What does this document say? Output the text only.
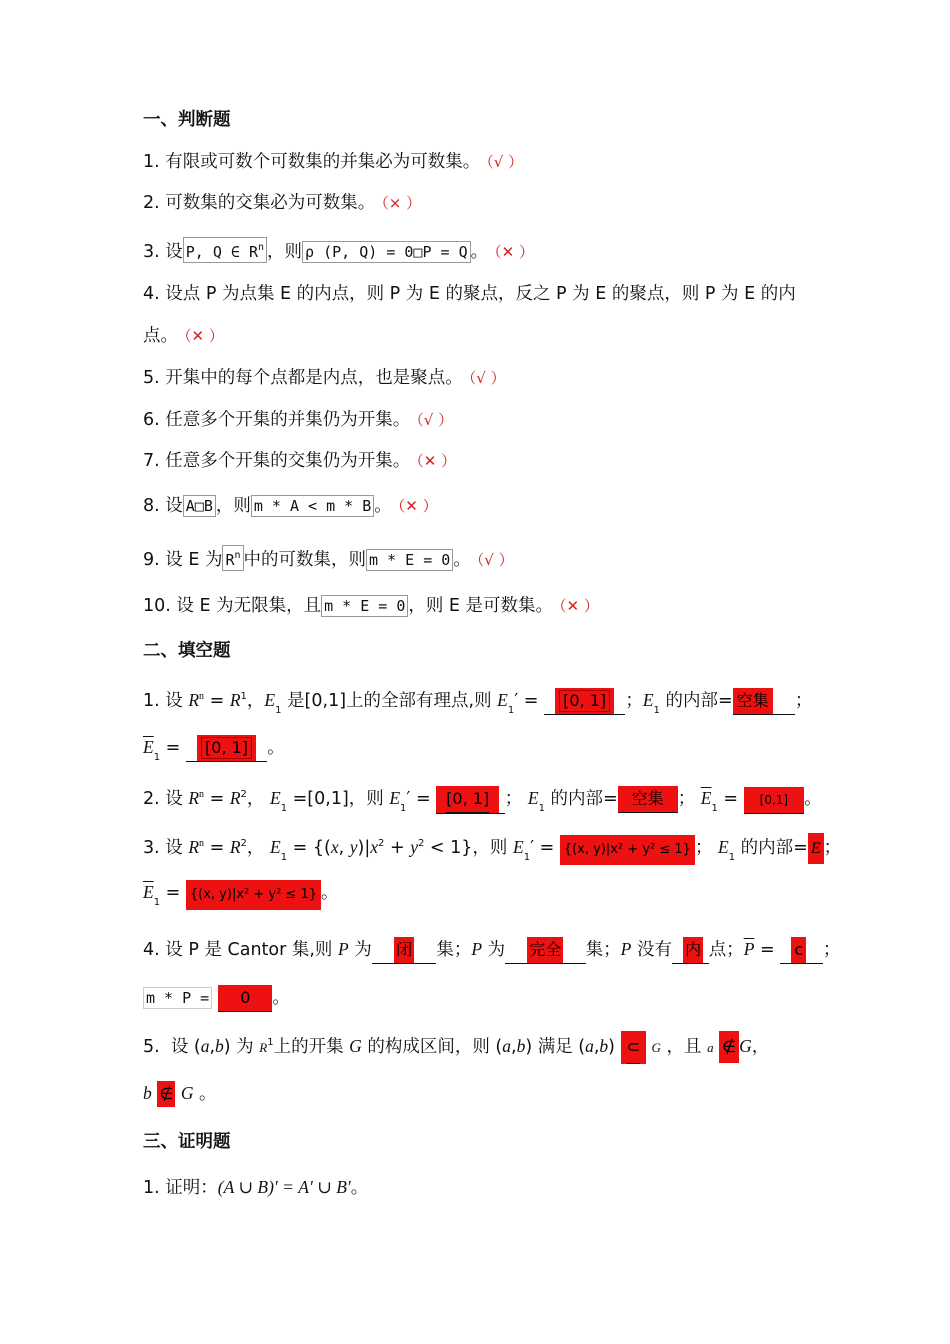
一、判断题
1. 有限或可数个可数集的并集必为可数集。 （√ ）
2. 可数集的交集必为可数集。 （× ）
3. 设 P, Q ∈ $R^n$ ，则 ρ (P, Q) = 0□P = Q 。 （✕ ）
4. 设点 P 为点集 E 的内点，则 P 为 E 的聚点，反之 P 为 E 的聚点，则 P 为 E 的内
点。 （✕ ）
5. 开集中的每个点都是内点，也是聚点。 （√ ）
6. 任意多个开集的并集仍为开集。 （√ ）
7. 任意多个开集的交集仍为开集。 （✕ ）
8. 设 A□B ，则 m * A < m * B 。 （✕ ）
9. 设 E 为 $R^n$ 中的可数集，则 m * E = 0 。 （√ ）
10. 设 E 为无限集，且 m * E = 0 ，则 E 是可数集。 （✕ ）
二、填空题
1. 设 $R^n = R^1$，$E_1$ 是[0,1]上的全部有理点,则 $E_1' = [0$, 1] ；$E_1$ 的内部= 空集 ；
$\overline{E}_1 = [0$, 1] 。
2. 设 $R^n = R^2$， $E_1 =[0,1]$，则 $E_1' = [0$, 1] ； $E_1$ 的内部= 空集 ； $\overline{E}_1 = [0,1]$ 。
3. 设 $R^n = R^2$， $E_1 = \{(x$, $y)|x^2 + y^2 < 1$}，则 $E_1' = \{(x$, y)|x² + y² ≤ 1} ； $E_1$ 的内部= E ；
$\overline{E}_1 = \{(x$, y)|x² + y² ≤ 1} 。
4. 设 P 是 Cantor 集,则 P 为 闭 集；P 为 完全 集；P 没有 内 点；$\overline{P} = c$ ；
m * P = 0 。
5.  设 (a,b) 为 $R^1$上的开集 G 的构成区间，则 (a,b) 满足 (a,b) ⊂ G ，且 a ∉ G，
b ∉ G 。
三、证明题
1. 证明：(A ∪ B)′ = A′ ∪ B′。
